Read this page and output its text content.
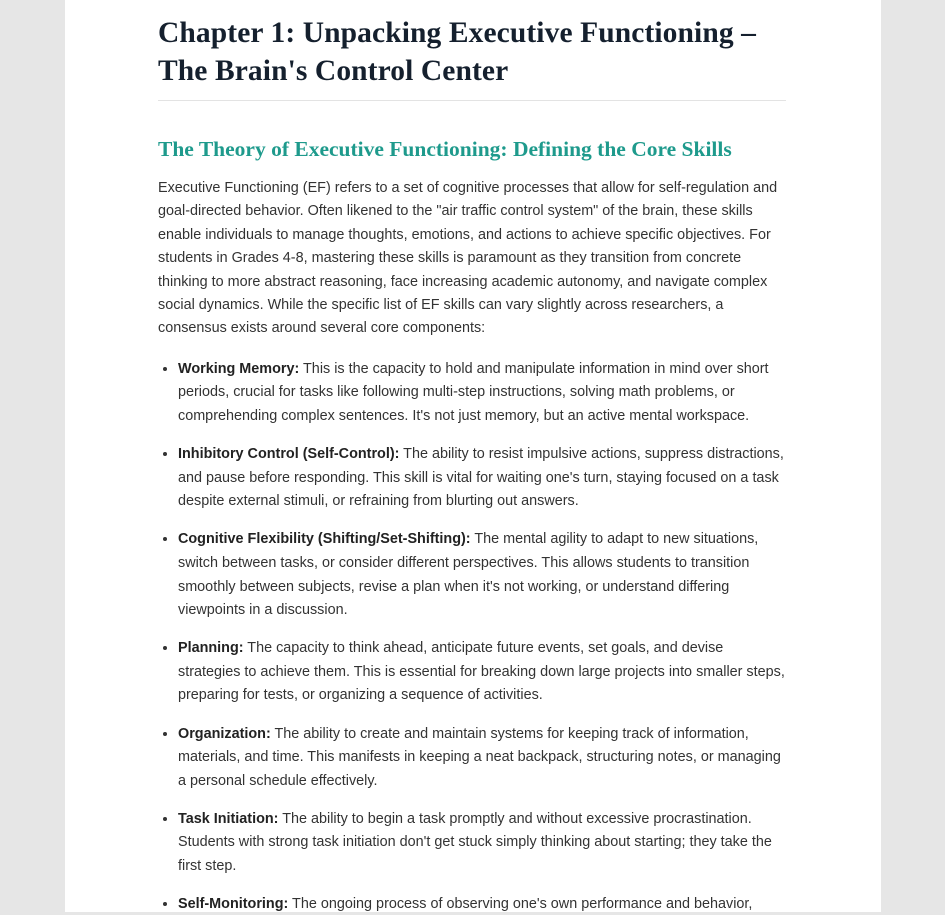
Chapter 1: Unpacking Executive Functioning –
The Brain's Control Center
The Theory of Executive Functioning: Defining the Core Skills

Executive Functioning (EF) refers to a set of cognitive processes that allow for self-regulation and goal-directed behavior. Often likened to the "air traffic control system" of the brain, these skills enable individuals to manage thoughts, emotions, and actions to achieve specific objectives. For students in Grades 4-8, mastering these skills is paramount as they transition from concrete thinking to more abstract reasoning, face increasing academic autonomy, and navigate complex social dynamics. While the specific list of EF skills can vary slightly across researchers, a consensus exists around several core components:

• Working Memory: This is the capacity to hold and manipulate information in mind over short periods, crucial for tasks like following multi-step instructions, solving math problems, or comprehending complex sentences. It's not just memory, but an active mental workspace.
• Inhibitory Control (Self-Control): The ability to resist impulsive actions, suppress distractions, and pause before responding. This skill is vital for waiting one's turn, staying focused on a task despite external stimuli, or refraining from blurting out answers.
• Cognitive Flexibility (Shifting/Set-Shifting): The mental agility to adapt to new situations, switch between tasks, or consider different perspectives. This allows students to transition smoothly between subjects, revise a plan when it's not working, or understand differing viewpoints in a discussion.
• Planning: The capacity to think ahead, anticipate future events, set goals, and devise strategies to achieve them. This is essential for breaking down large projects into smaller steps, preparing for tests, or organizing a sequence of activities.
• Organization: The ability to create and maintain systems for keeping track of information, materials, and time. This manifests in keeping a neat backpack, structuring notes, or managing a personal schedule effectively.
• Task Initiation: The ability to begin a task promptly and without excessive procrastination. Students with strong task initiation don't get stuck simply thinking about starting; they take the first step.
• Self-Monitoring: The ongoing process of observing one's own performance and behavior,
